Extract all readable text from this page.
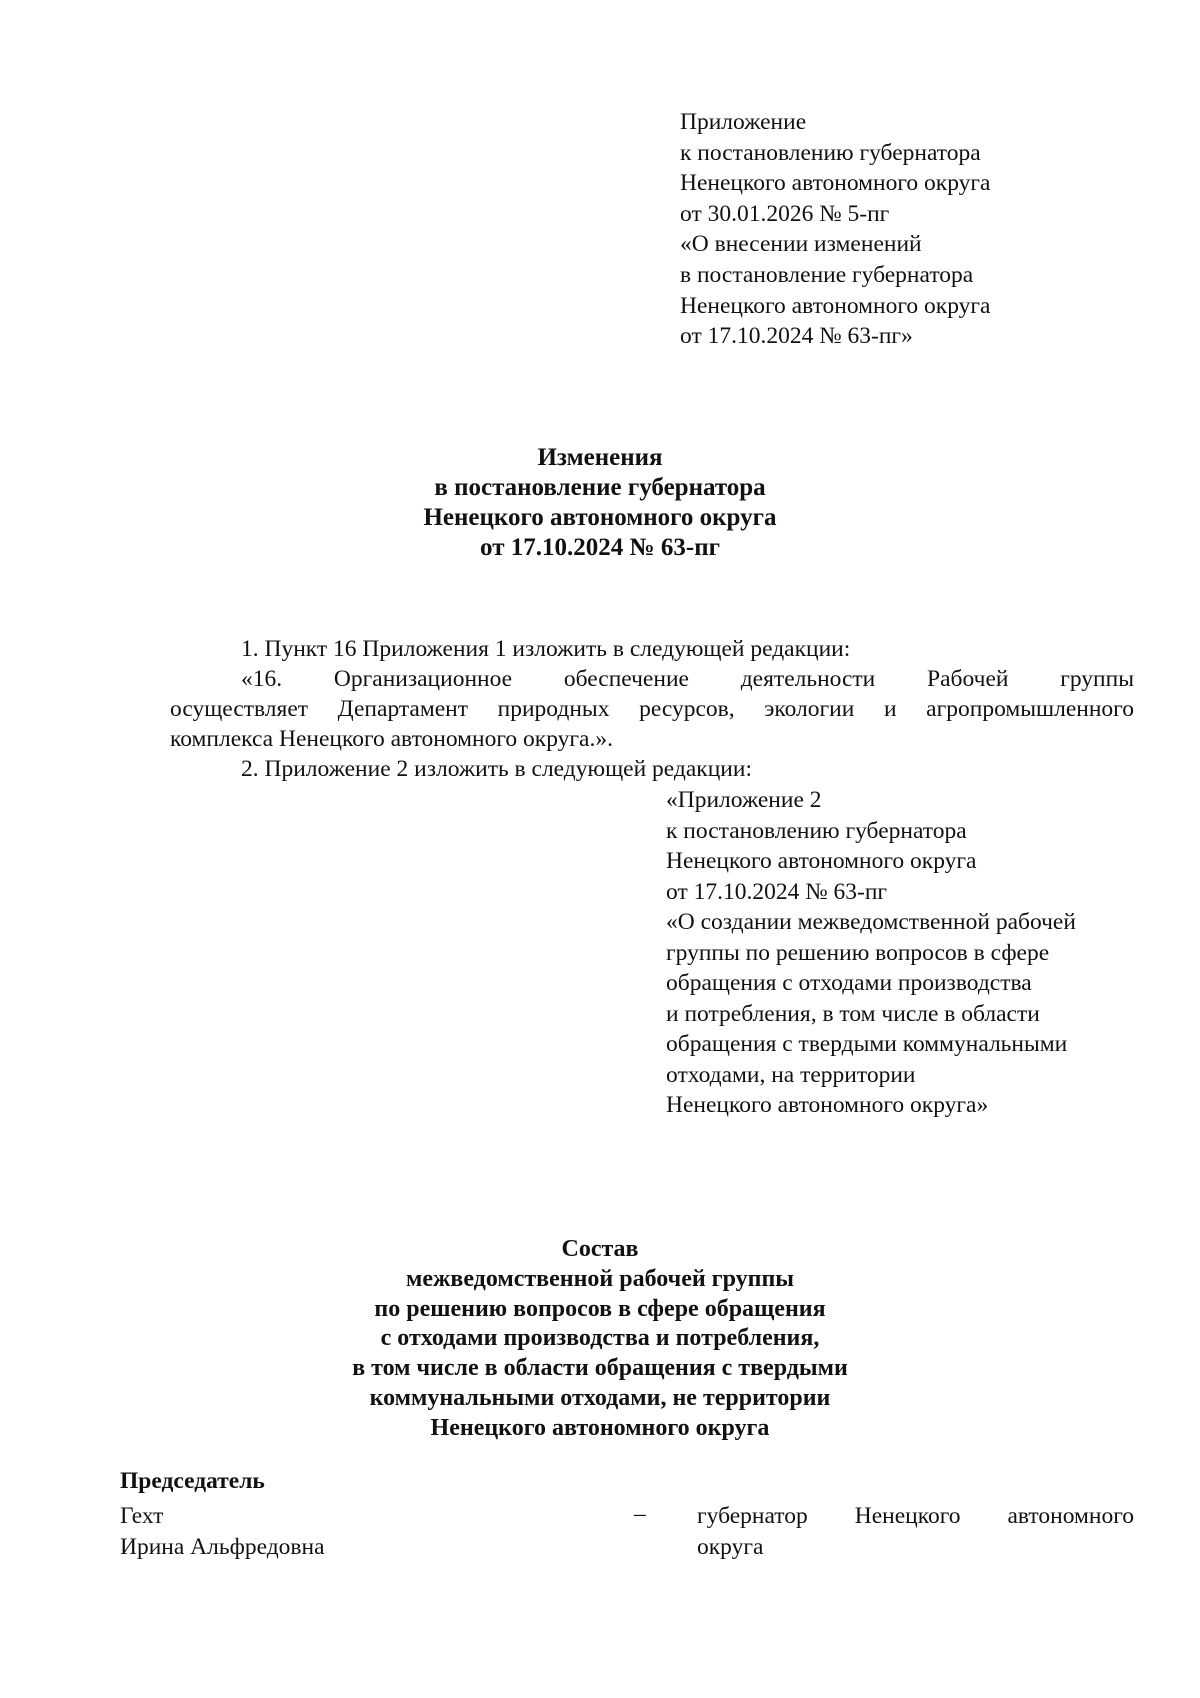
Приложение
к постановлению губернатора
Ненецкого автономного округа
от 30.01.2026 № 5-пг
«О внесении изменений
в постановление губернатора
Ненецкого автономного округа
от 17.10.2024 № 63-пг»
Изменения
в постановление губернатора
Ненецкого автономного округа
от 17.10.2024 № 63-пг
1. Пункт 16 Приложения 1 изложить в следующей редакции:
«16. Организационное обеспечение деятельности Рабочей группы
осуществляет Департамент природных ресурсов, экологии и агропромышленного
комплекса Ненецкого автономного округа.».
2. Приложение 2 изложить в следующей редакции:
«Приложение 2
к постановлению губернатора
Ненецкого автономного округа
от 17.10.2024 № 63-пг
«О создании межведомственной рабочей
группы по решению вопросов в сфере
обращения с отходами производства
и потребления, в том числе в области
обращения с твердыми коммунальными
отходами, на территории
Ненецкого автономного округа»
Состав
межведомственной рабочей группы
по решению вопросов в сфере обращения
с отходами производства и потребления,
в том числе в области обращения с твердыми
коммунальными отходами, не территории
Ненецкого автономного округа
Председатель
Гехт
Ирина Альфредовна
– губернатор Ненецкого автономного
округа
